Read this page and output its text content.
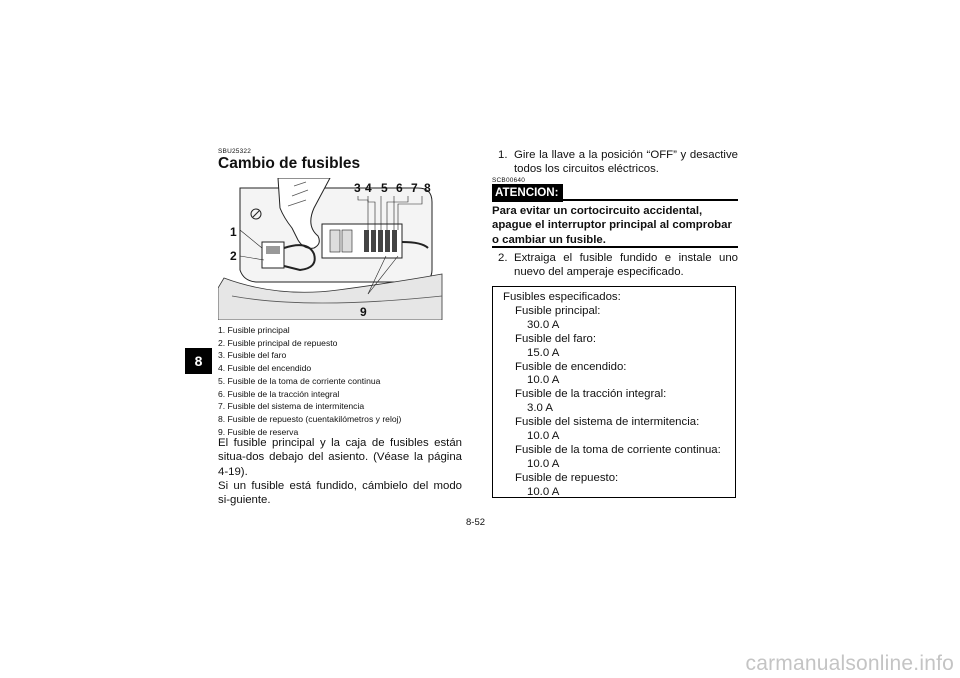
8
SBU25322
Cambio de fusibles
3 4 5 6 7 8
1
2
9
1. Fusible principal
2. Fusible principal de repuesto
3. Fusible del faro
4. Fusible del encendido
5. Fusible de la toma de corriente continua
6. Fusible de la tracción integral
7. Fusible del sistema de intermitencia
8. Fusible de repuesto (cuentakilómetros y reloj)
9. Fusible de reserva

El fusible principal y la caja de fusibles están situa-dos debajo del asiento. (Véase la página 4-19).

Si un fusible está fundido, cámbielo del modo si-guiente.

1. Gire la llave a la posición “OFF” y desactive todos los circuitos eléctricos.
SCB00640
ATENCION:
Para evitar un cortocircuito accidental, apague el interruptor principal al comprobar o cambiar un fusible.
2. Extraiga el fusible fundido e instale uno nuevo del amperaje especificado.
Fusibles especificados:
Fusible principal:
30.0 A
Fusible del faro:
15.0 A
Fusible de encendido:
10.0 A
Fusible de la tracción integral:
3.0 A
Fusible del sistema de intermitencia:
10.0 A
Fusible de la toma de corriente continua:
10.0 A
Fusible de repuesto:
10.0 A
8-52
carmanualsonline.info
